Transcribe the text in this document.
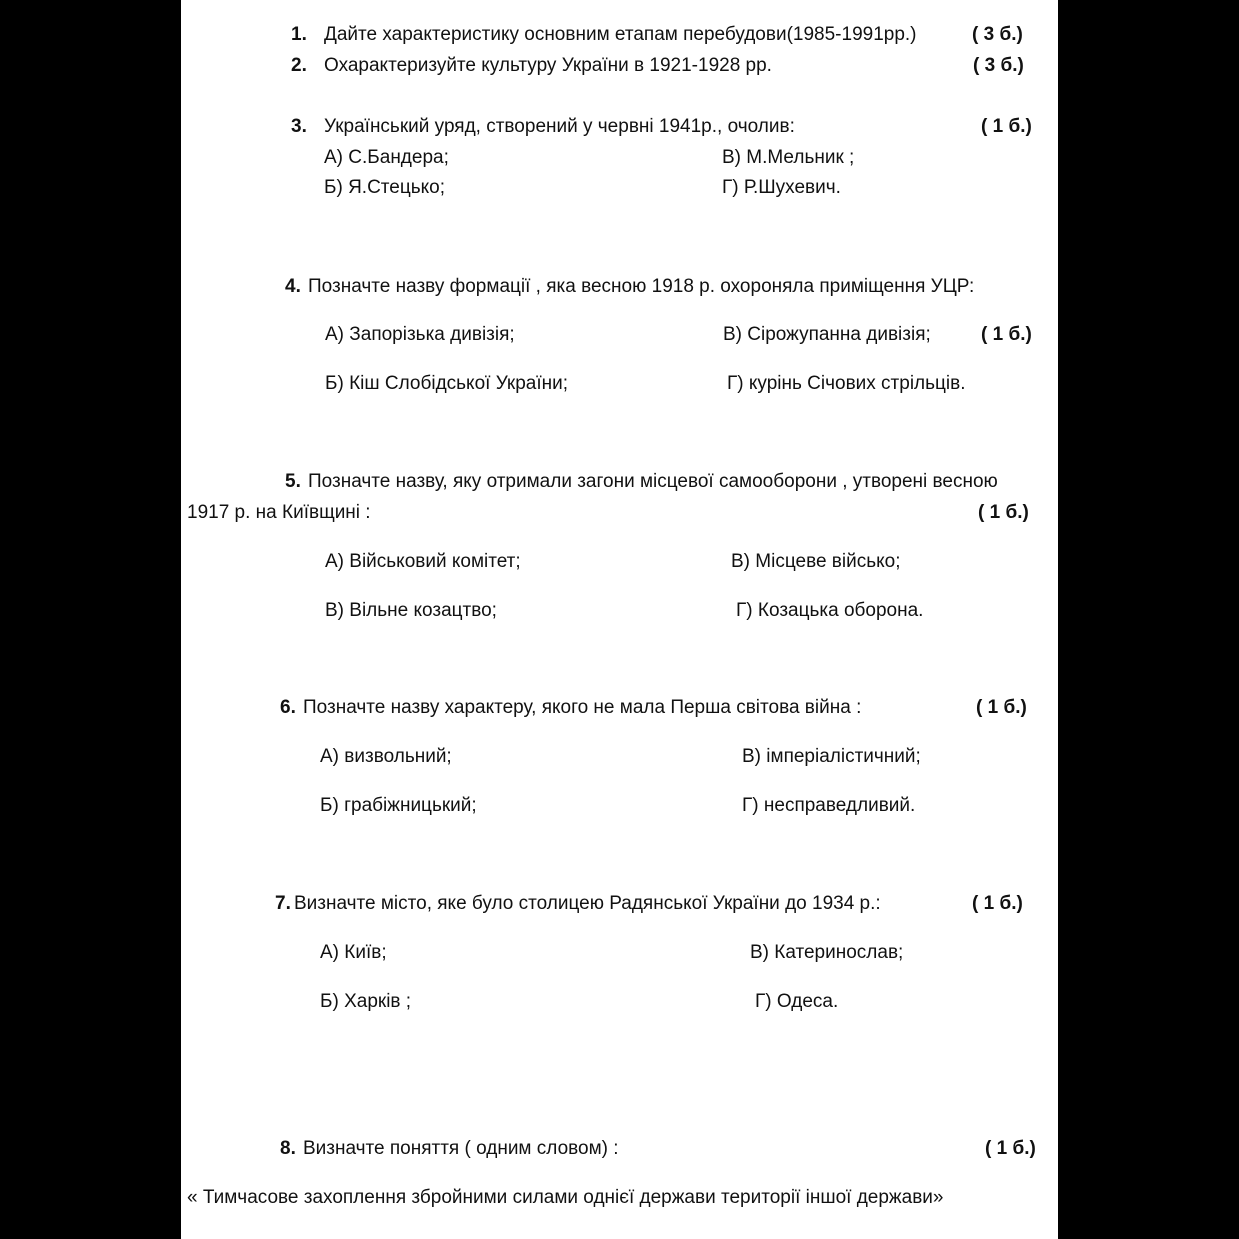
1. Дайте характеристику основним етапам перебудови(1985-1991рр.)	( 3 б.)
2. Охарактеризуйте культуру України в 1921-1928 рр.	( 3 б.)
3. Український уряд, створений у червні 1941р., очолив:	( 1 б.)
А) С.Бандера;	В) М.Мельник ;
Б) Я.Стецько;	Г) Р.Шухевич.
4. Позначте назву формації , яка весною 1918 р. охороняла приміщення УЦР:
А) Запорізька дивізія;	В) Сірожупанна дивізія;	( 1 б.)
Б) Кіш Слобідської України;	Г) курінь Січових стрільців.
5. Позначте назву, яку отримали загони місцевої самооборони , утворені весною
1917 р. на Київщині :	( 1 б.)
А) Військовий комітет;	В) Місцеве військо;
В) Вільне козацтво;	Г) Козацька оборона.
6. Позначте назву характеру, якого не мала Перша світова війна :	( 1 б.)
А) визвольний;	В) імперіалістичний;
Б) грабіжницький;	Г) несправедливий.
7. Визначте місто, яке було столицею Радянської України до 1934 р.:	( 1 б.)
А) Київ;	В) Катеринослав;
Б) Харків ;	Г) Одеса.
8. Визначте поняття ( одним словом) :	( 1 б.)
« Тимчасове захоплення збройними силами однієї держави території іншої держави»
